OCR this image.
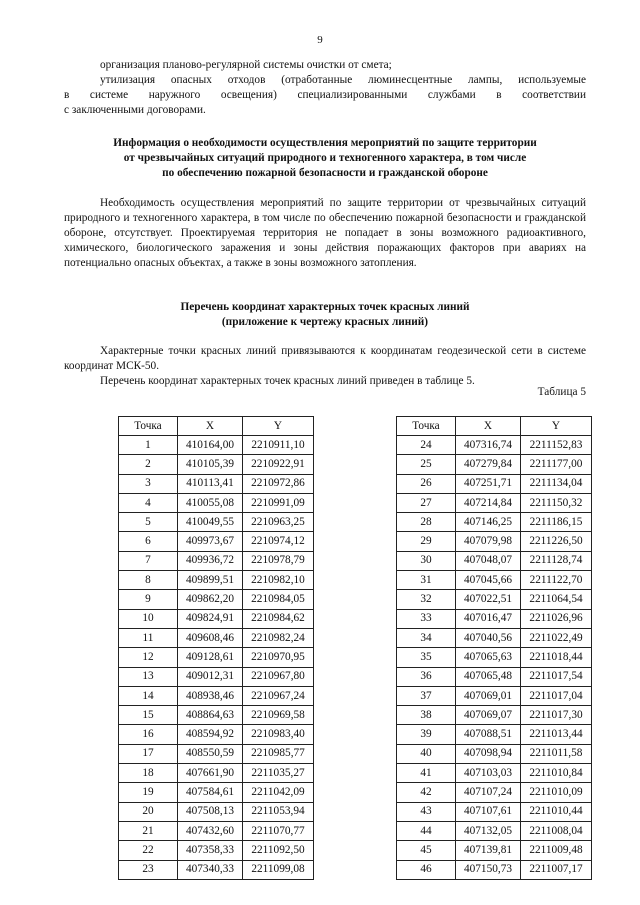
9

организация планово-регулярной системы очистки от смета;

утилизация опасных отходов (отработанные люминесцентные лампы, используемые

в системе наружного освещения) специализированными службами в соответствии

с заключенными договорами.

Информация о необходимости осуществления мероприятий по защите территории
от чрезвычайных ситуаций природного и техногенного характера, в том числе
по обеспечению пожарной безопасности и гражданской обороне

Необходимость осуществления мероприятий по защите территории от чрезвычайных ситуаций природного и техногенного характера, в том числе по обеспечению пожарной безопасности и гражданской обороне, отсутствует. Проектируемая территория не попадает в зоны возможного радиоактивного, химического, биологического заражения и зоны действия поражающих факторов при авариях на потенциально опасных объектах, а также в зоны возможного затопления.

Перечень координат характерных точек красных линий
(приложение к чертежу красных линий)

Характерные точки красных линий привязываются к координатам геодезической сети в системе координат МСК-50.

Перечень координат характерных точек красных линий приведен в таблице 5.

Таблица 5
Точка	X	Y
1	410164,00	2210911,10
2	410105,39	2210922,91
3	410113,41	2210972,86
4	410055,08	2210991,09
5	410049,55	2210963,25
6	409973,67	2210974,12
7	409936,72	2210978,79
8	409899,51	2210982,10
9	409862,20	2210984,05
10	409824,91	2210984,62
11	409608,46	2210982,24
12	409128,61	2210970,95
13	409012,31	2210967,80
14	408938,46	2210967,24
15	408864,63	2210969,58
16	408594,92	2210983,40
17	408550,59	2210985,77
18	407661,90	2211035,27
19	407584,61	2211042,09
20	407508,13	2211053,94
21	407432,60	2211070,77
22	407358,33	2211092,50
23	407340,33	2211099,08
Точка	X	Y
24	407316,74	2211152,83
25	407279,84	2211177,00
26	407251,71	2211134,04
27	407214,84	2211150,32
28	407146,25	2211186,15
29	407079,98	2211226,50
30	407048,07	2211128,74
31	407045,66	2211122,70
32	407022,51	2211064,54
33	407016,47	2211026,96
34	407040,56	2211022,49
35	407065,63	2211018,44
36	407065,48	2211017,54
37	407069,01	2211017,04
38	407069,07	2211017,30
39	407088,51	2211013,44
40	407098,94	2211011,58
41	407103,03	2211010,84
42	407107,24	2211010,09
43	407107,61	2211010,44
44	407132,05	2211008,04
45	407139,81	2211009,48
46	407150,73	2211007,17
